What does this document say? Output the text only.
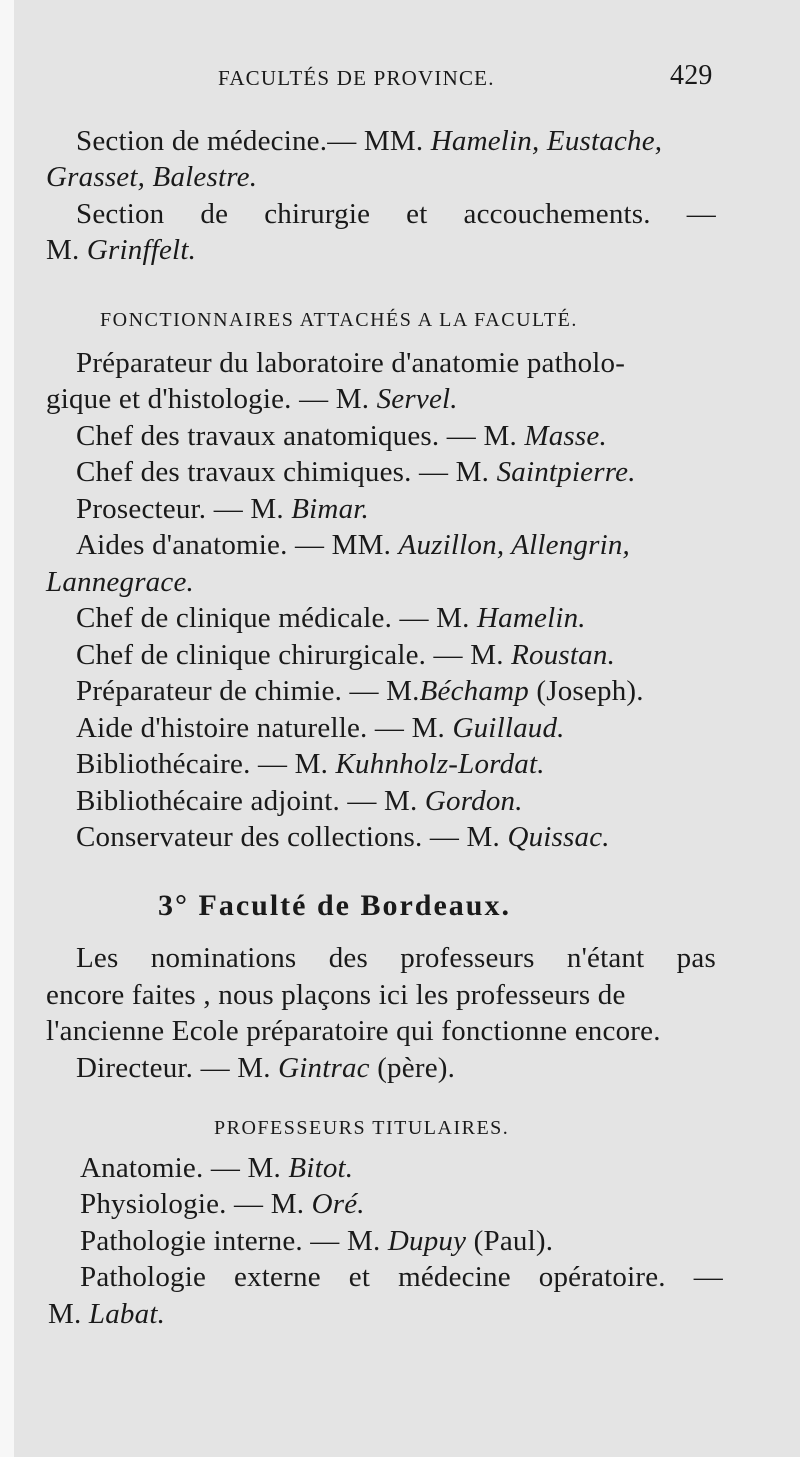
FACULTÉS DE PROVINCE.	429
Section de médecine.— MM. Hamelin, Eustache,
Grasset, Balestre.
Section de chirurgie et accouchements. —
M. Grinffelt.
FONCTIONNAIRES ATTACHÉS A LA FACULTÉ.
Préparateur du laboratoire d'anatomie patholo-
gique et d'histologie. — M. Servel.
Chef des travaux anatomiques. — M. Masse.
Chef des travaux chimiques. — M. Saintpierre.
Prosecteur. — M. Bimar.
Aides d'anatomie. — MM. Auzillon, Allengrin,
Lannegrace.
Chef de clinique médicale. — M. Hamelin.
Chef de clinique chirurgicale. — M. Roustan.
Préparateur de chimie. — M.Béchamp (Joseph).
Aide d'histoire naturelle. — M. Guillaud.
Bibliothécaire. — M. Kuhnholz-Lordat.
Bibliothécaire adjoint. — M. Gordon.
Conservateur des collections. — M. Quissac.
3° Faculté de Bordeaux.
Les nominations des professeurs n'étant pas
encore faites , nous plaçons ici les professeurs de
l'ancienne Ecole préparatoire qui fonctionne encore.
Directeur. — M. Gintrac (père).
PROFESSEURS TITULAIRES.
Anatomie. — M. Bitot.
Physiologie. — M. Oré.
Pathologie interne. — M. Dupuy (Paul).
Pathologie externe et médecine opératoire. —
M. Labat.
